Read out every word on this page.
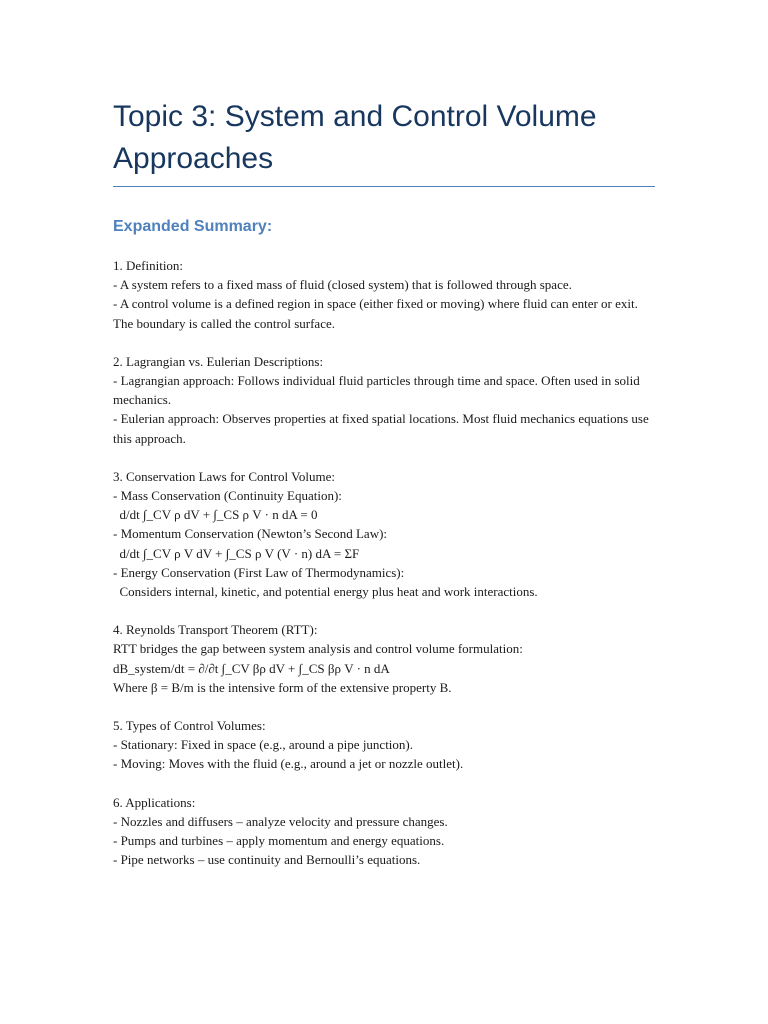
Topic 3: System and Control Volume Approaches
Expanded Summary:
1. Definition:
- A system refers to a fixed mass of fluid (closed system) that is followed through space.
- A control volume is a defined region in space (either fixed or moving) where fluid can enter or exit. The boundary is called the control surface.
2. Lagrangian vs. Eulerian Descriptions:
- Lagrangian approach: Follows individual fluid particles through time and space. Often used in solid mechanics.
- Eulerian approach: Observes properties at fixed spatial locations. Most fluid mechanics equations use this approach.
3. Conservation Laws for Control Volume:
- Mass Conservation (Continuity Equation):
d/dt ∫_CV ρ dV + ∫_CS ρ V · n dA = 0
- Momentum Conservation (Newton’s Second Law):
d/dt ∫_CV ρ V dV + ∫_CS ρ V (V · n) dA = ΣF
- Energy Conservation (First Law of Thermodynamics):
Considers internal, kinetic, and potential energy plus heat and work interactions.
4. Reynolds Transport Theorem (RTT):
RTT bridges the gap between system analysis and control volume formulation:
dB_system/dt = ∂/∂t ∫_CV βρ dV + ∫_CS βρ V · n dA
Where β = B/m is the intensive form of the extensive property B.
5. Types of Control Volumes:
- Stationary: Fixed in space (e.g., around a pipe junction).
- Moving: Moves with the fluid (e.g., around a jet or nozzle outlet).
6. Applications:
- Nozzles and diffusers – analyze velocity and pressure changes.
- Pumps and turbines – apply momentum and energy equations.
- Pipe networks – use continuity and Bernoulli’s equations.
